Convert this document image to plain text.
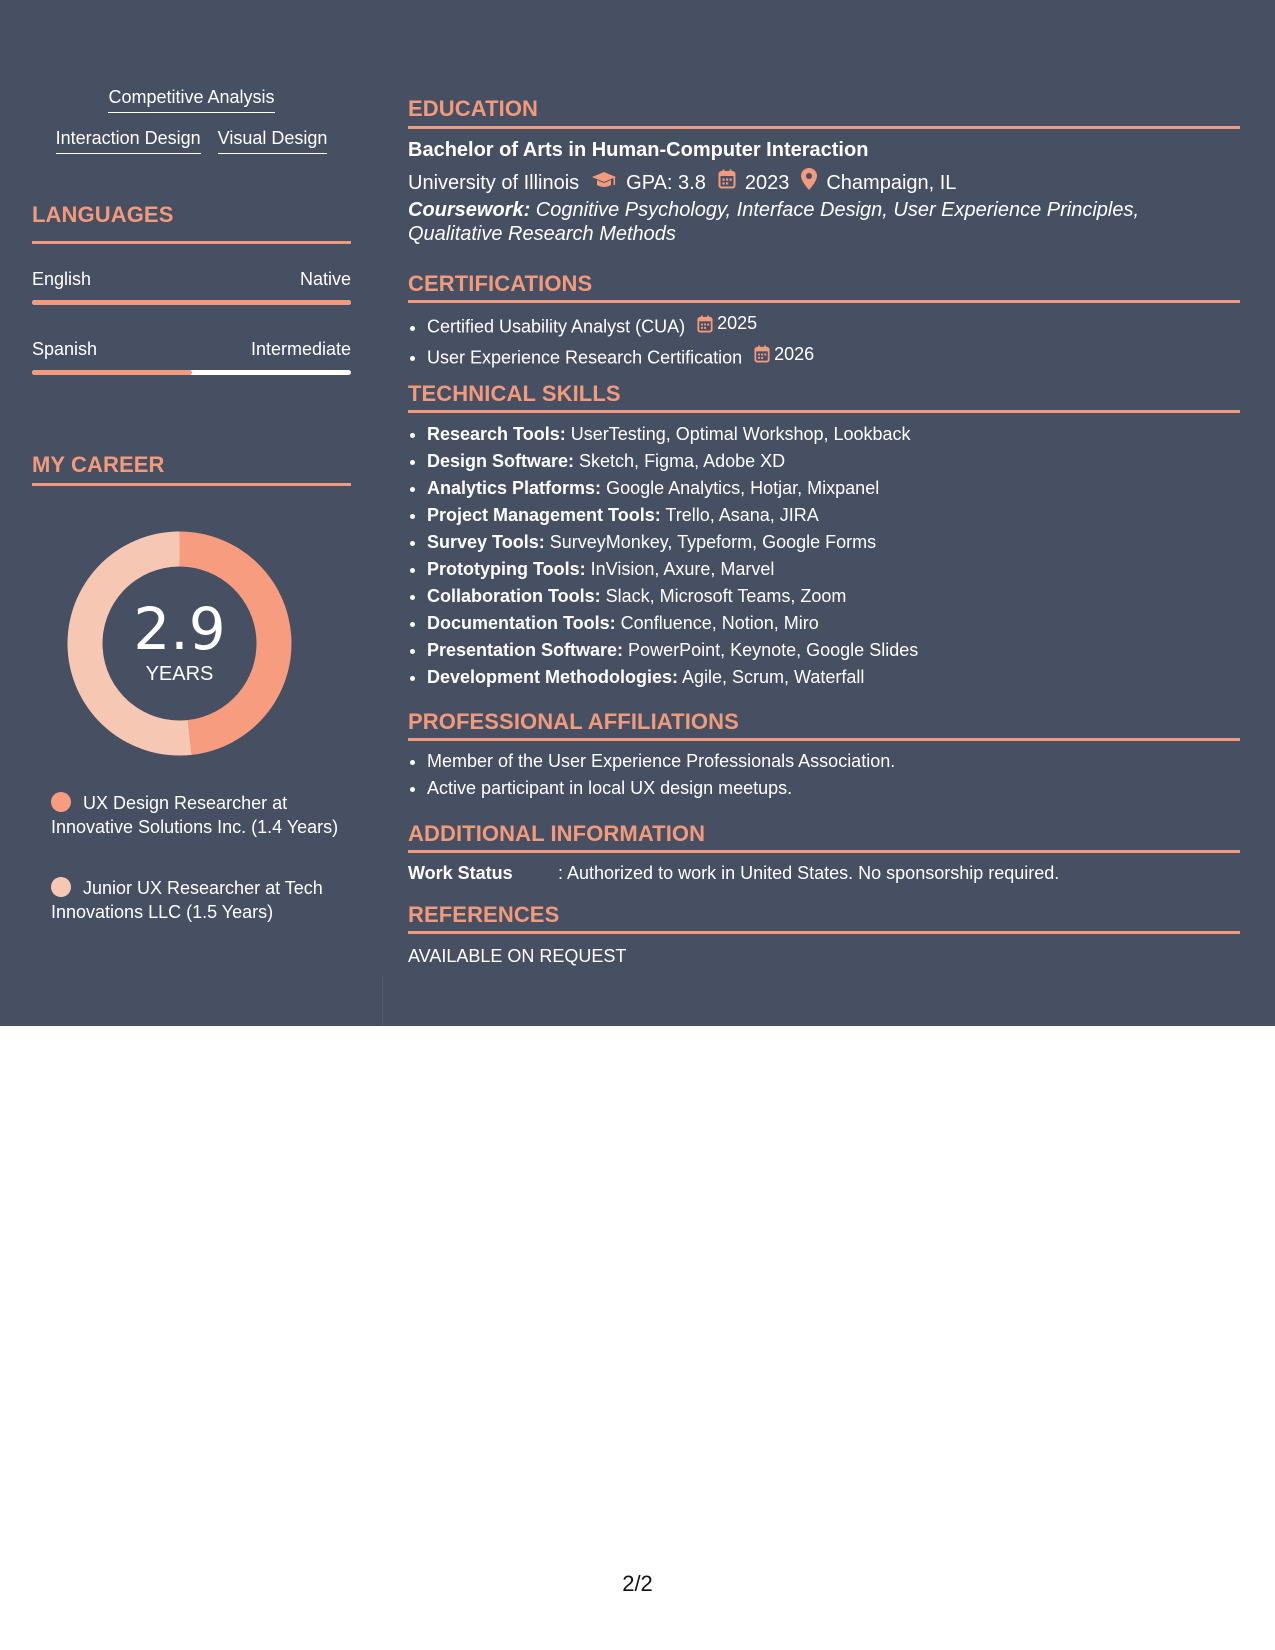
Competitive Analysis
Interaction Design Visual Design
LANGUAGES
English	Native
Spanish	Intermediate
MY CAREER
2.9
YEARS
UX Design Researcher at Innovative Solutions Inc. (1.4 Years)
Junior UX Researcher at Tech Innovations LLC (1.5 Years)
EDUCATION
Bachelor of Arts in Human-Computer Interaction
University of Illinois GPA: 3.8 2023 Champaign, IL
Coursework: Cognitive Psychology, Interface Design, User Experience Principles, Qualitative Research Methods
CERTIFICATIONS
• Certified Usability Analyst (CUA) 2025
• User Experience Research Certification 2026
TECHNICAL SKILLS
• Research Tools: UserTesting, Optimal Workshop, Lookback
• Design Software: Sketch, Figma, Adobe XD
• Analytics Platforms: Google Analytics, Hotjar, Mixpanel
• Project Management Tools: Trello, Asana, JIRA
• Survey Tools: SurveyMonkey, Typeform, Google Forms
• Prototyping Tools: InVision, Axure, Marvel
• Collaboration Tools: Slack, Microsoft Teams, Zoom
• Documentation Tools: Confluence, Notion, Miro
• Presentation Software: PowerPoint, Keynote, Google Slides
• Development Methodologies: Agile, Scrum, Waterfall
PROFESSIONAL AFFILIATIONS
• Member of the User Experience Professionals Association.
• Active participant in local UX design meetups.
ADDITIONAL INFORMATION
Work Status	: Authorized to work in United States. No sponsorship required.
REFERENCES
AVAILABLE ON REQUEST
2/2
